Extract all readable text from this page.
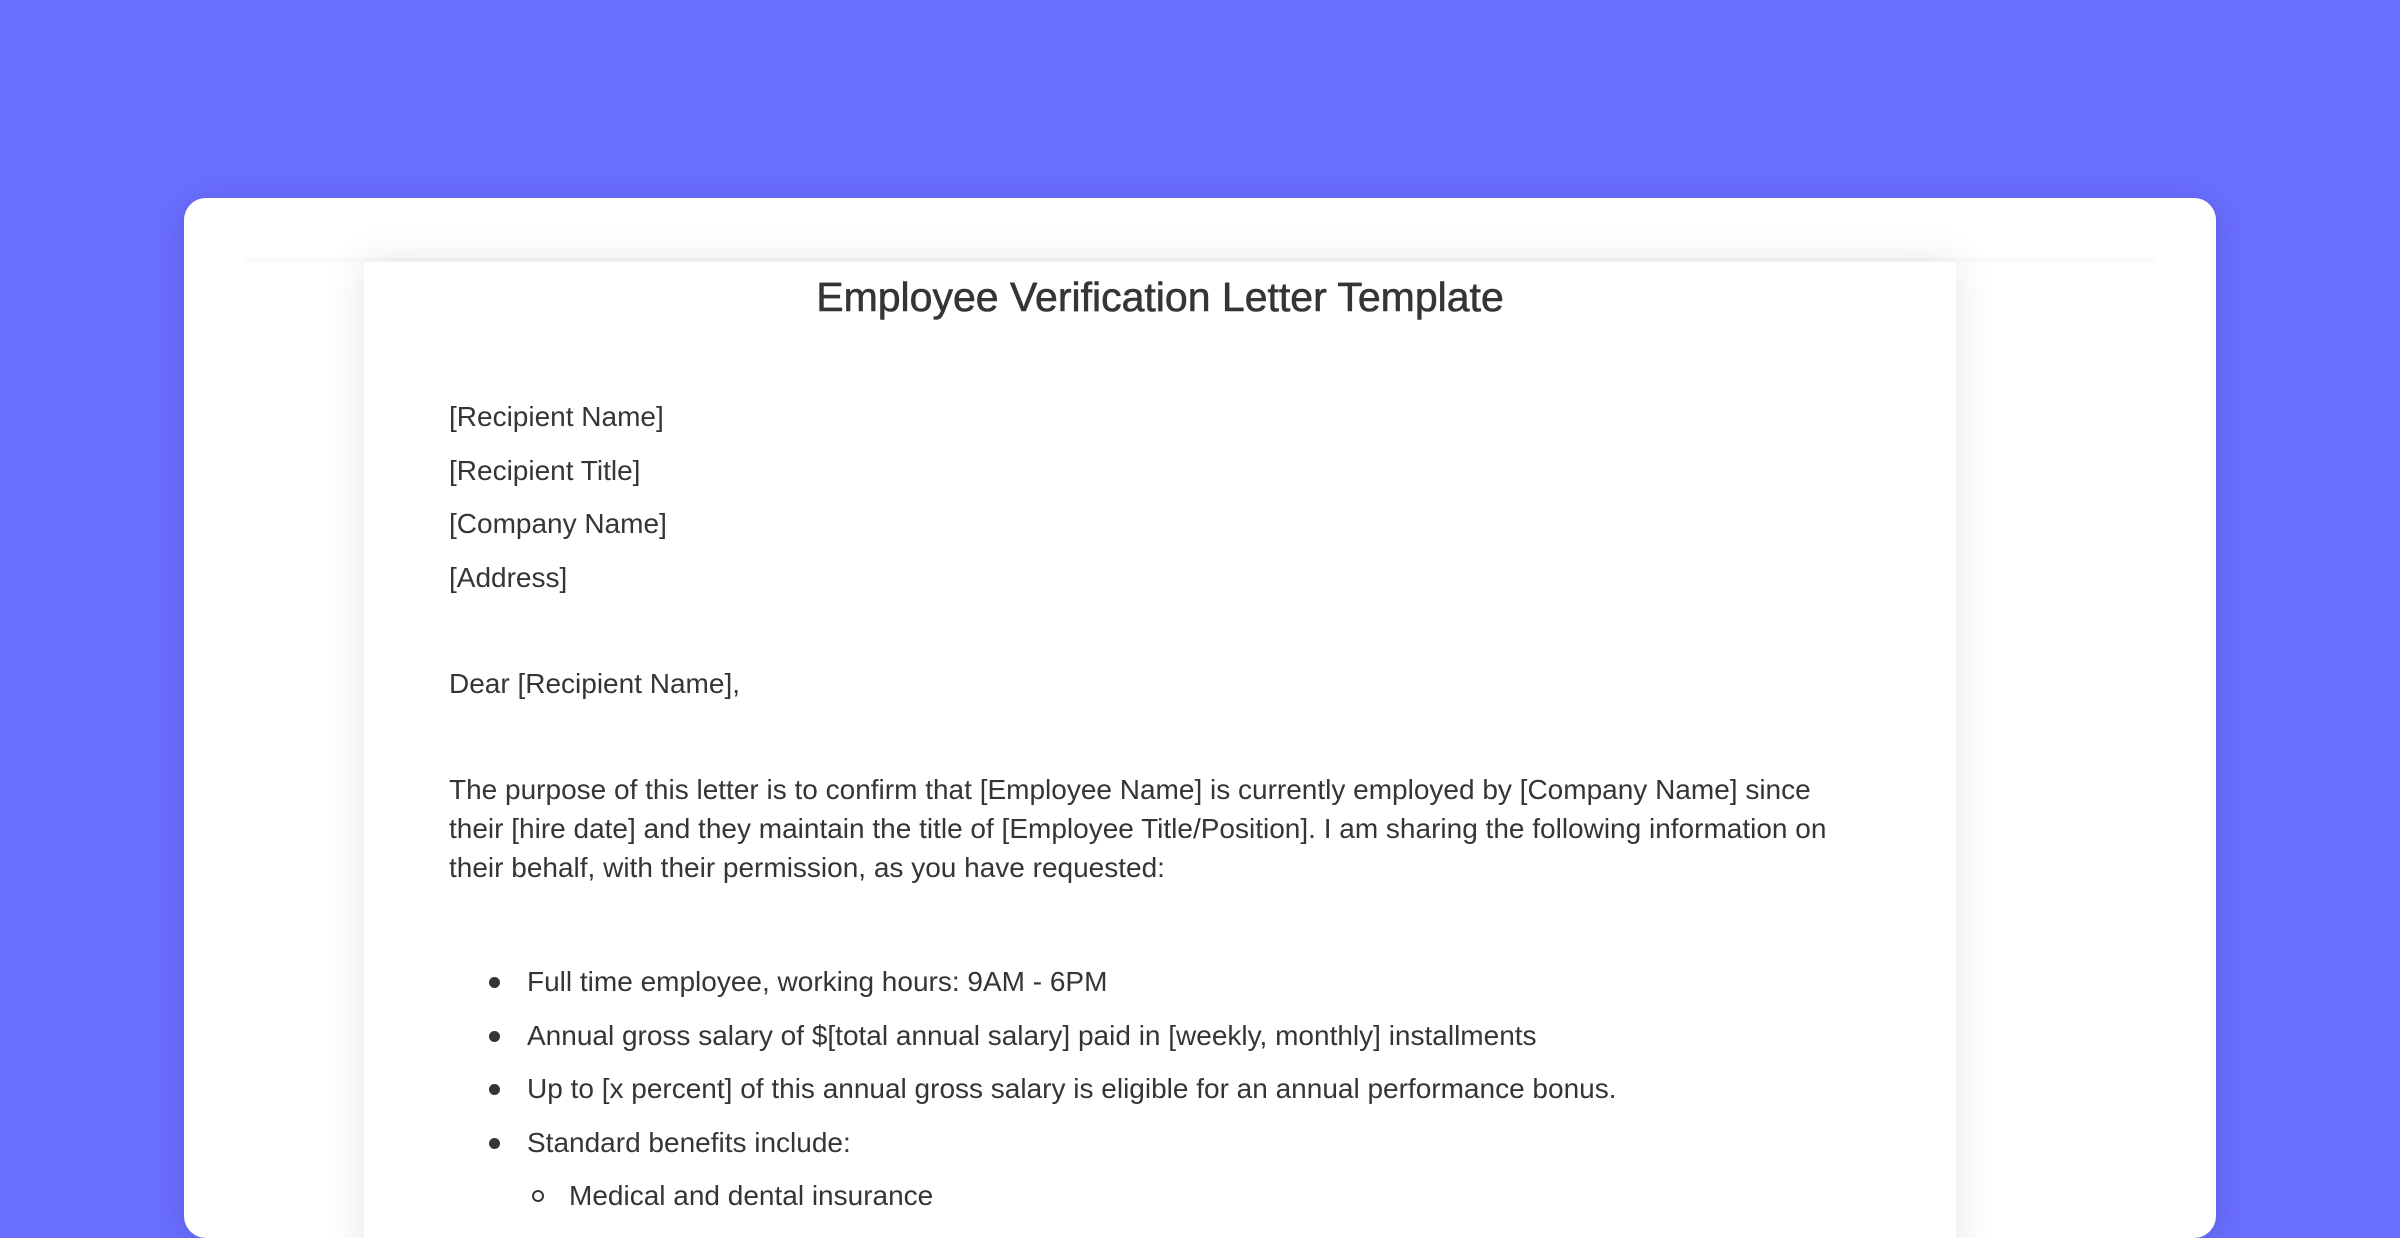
Employee Verification Letter Template
[Recipient Name]
[Recipient Title]
[Company Name]
[Address]
Dear [Recipient Name],
The purpose of this letter is to confirm that [Employee Name] is currently employed by [Company Name] since their [hire date] and they maintain the title of [Employee Title/Position]. I am sharing the following information on their behalf, with their permission, as you have requested:
Full time employee, working hours: 9AM - 6PM
Annual gross salary of $[total annual salary] paid in [weekly, monthly] installments
Up to [x percent] of this annual gross salary is eligible for an annual performance bonus.
Standard benefits include:
Medical and dental insurance
